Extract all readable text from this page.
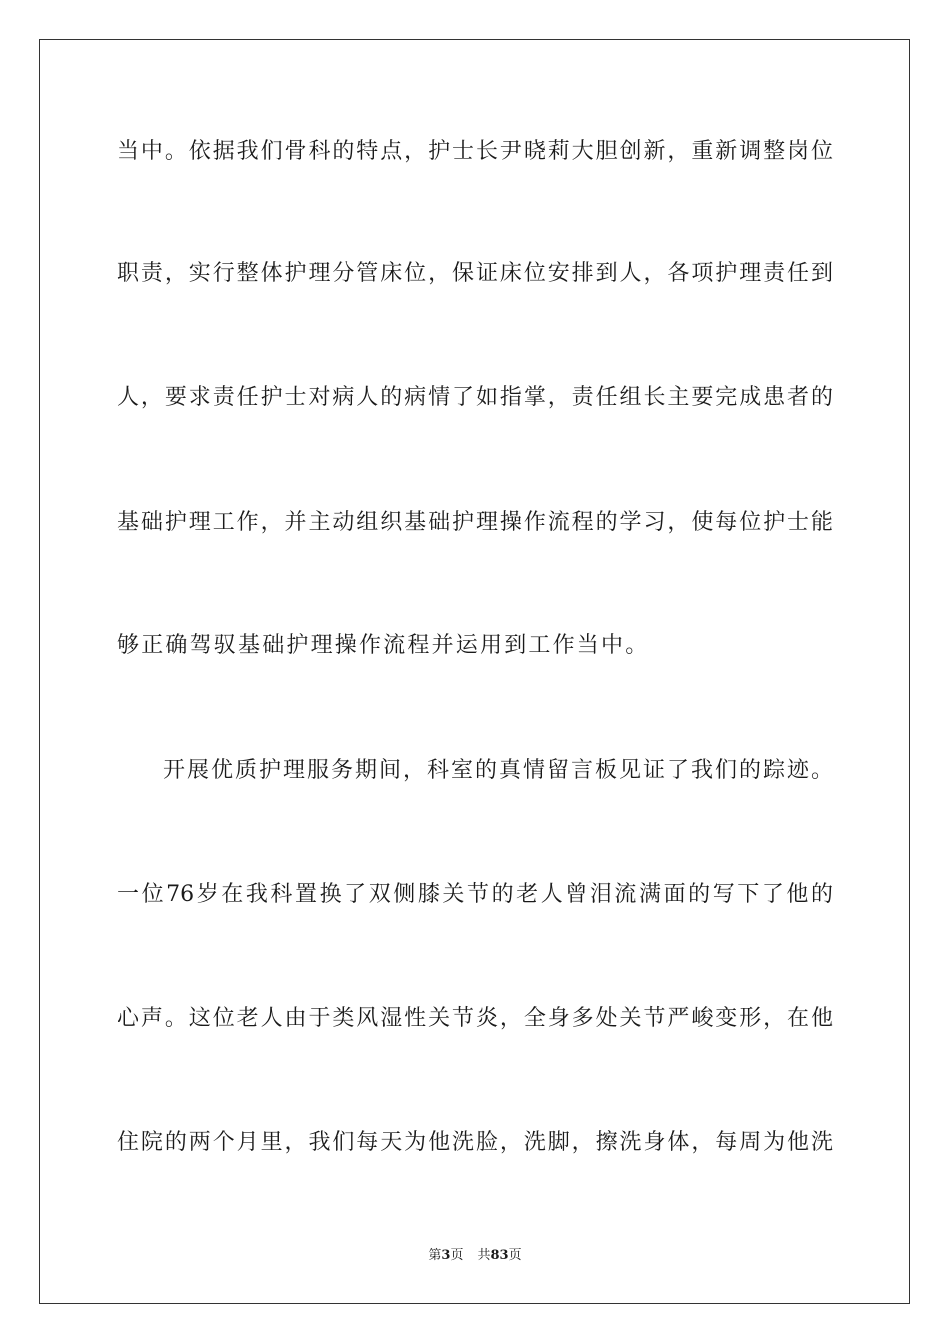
当中。依据我们骨科的特点，护士长尹晓莉大胆创新，重新调整岗位
职责，实行整体护理分管床位，保证床位安排到人，各项护理责任到
人，要求责任护士对病人的病情了如指掌，责任组长主要完成患者的
基础护理工作，并主动组织基础护理操作流程的学习，使每位护士能
够正确驾驭基础护理操作流程并运用到工作当中。
开展优质护理服务期间，科室的真情留言板见证了我们的踪迹。
一位76岁在我科置换了双侧膝关节的老人曾泪流满面的写下了他的
心声。这位老人由于类风湿性关节炎，全身多处关节严峻变形，在他
住院的两个月里，我们每天为他洗脸，洗脚，擦洗身体，每周为他洗
第3页 共83页
